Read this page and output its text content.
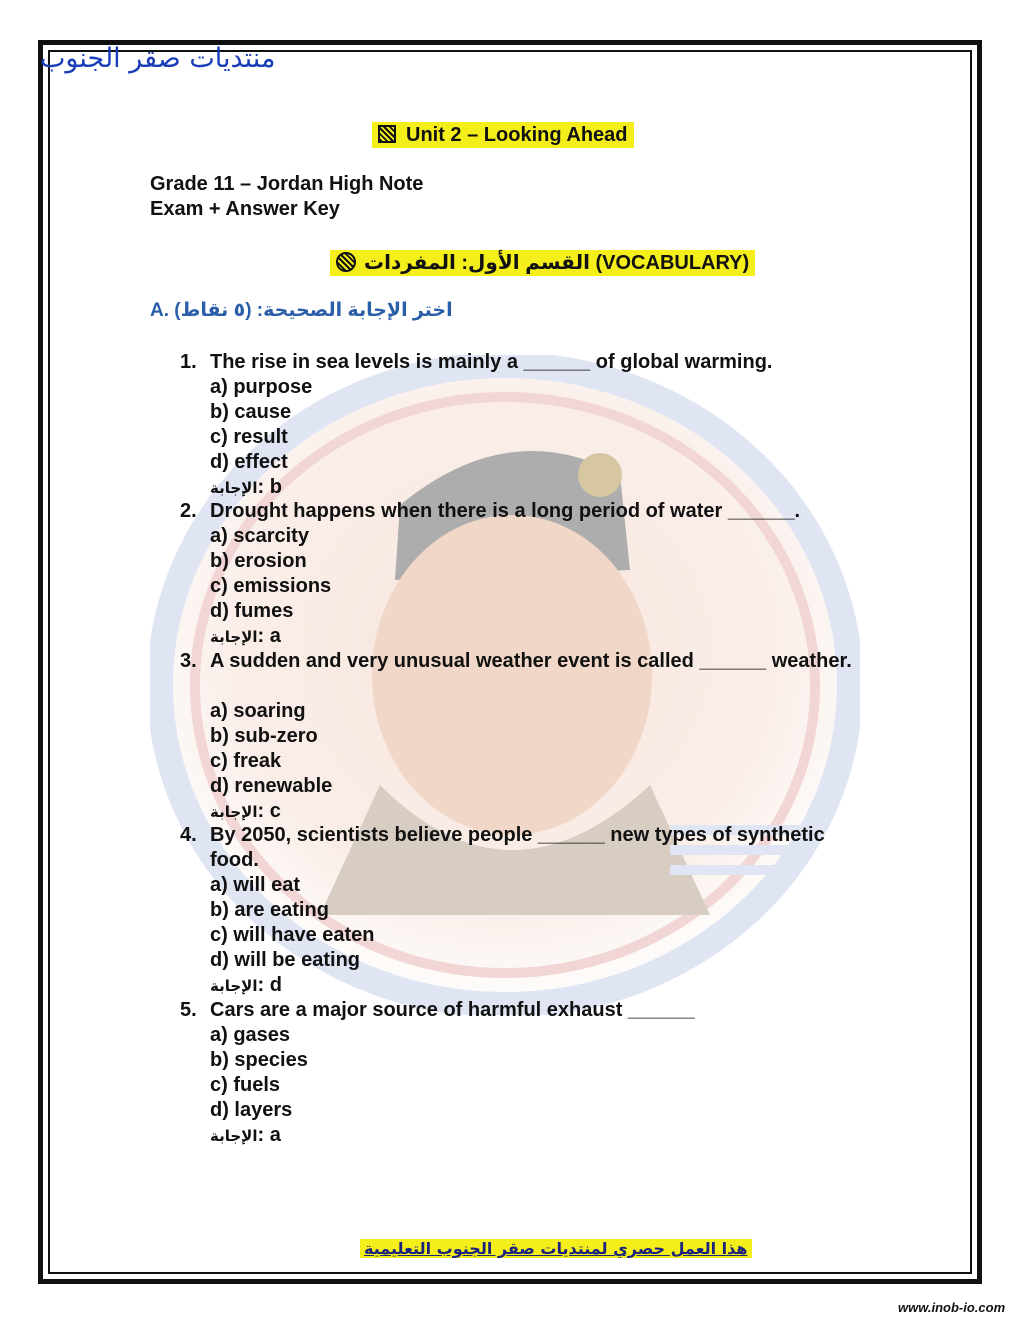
منتديات صقر الجنوب
Unit 2 – Looking Ahead
Grade 11 – Jordan High Note
Exam + Answer Key
القسم الأول: المفردات (VOCABULARY)
A. اختر الإجابة الصحيحة: (٥ نقاط)
1. The rise in sea levels is mainly a ______ of global warming.
a) purpose
b) cause
c) result
d) effect
الإجابة: b
2. Drought happens when there is a long period of water ______.
a) scarcity
b) erosion
c) emissions
d) fumes
الإجابة: a
3. A sudden and very unusual weather event is called ______ weather.
a) soaring
b) sub-zero
c) freak
d) renewable
الإجابة: c
4. By 2050, scientists believe people ______ new types of synthetic food.
a) will eat
b) are eating
c) will have eaten
d) will be eating
الإجابة: d
5. Cars are a major source of harmful exhaust ______
a) gases
b) species
c) fuels
d) layers
الإجابة: a
هذا العمل حصري لمنتديات صقر الجنوب التعليمية
www.inob-io.com
